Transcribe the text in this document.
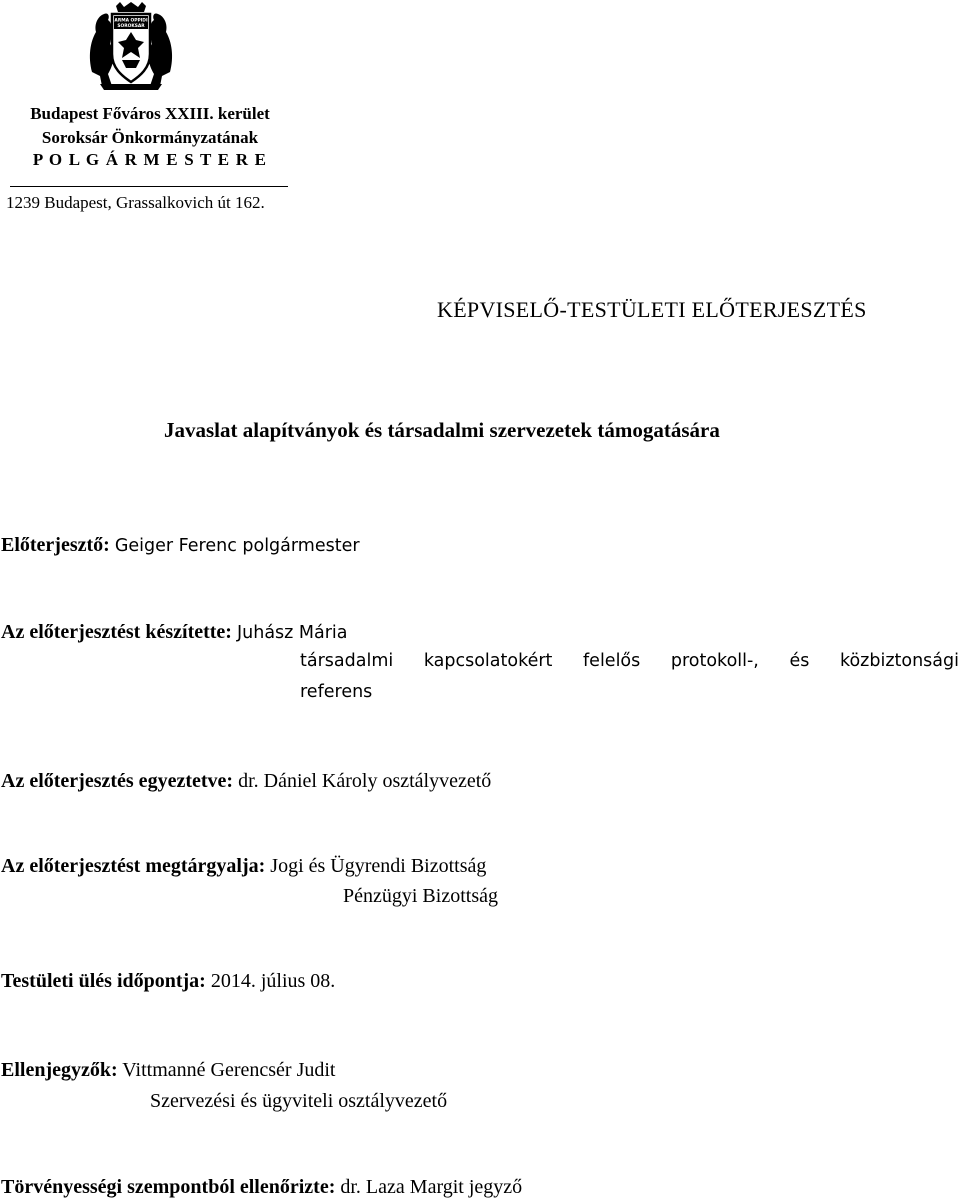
ARMA OPPIDI
SOROKSAR
Budapest Főváros XXIII. kerület
Soroksár Önkormányzatának
P O L G Á R M E S T E R E
1239 Budapest, Grassalkovich út 162.
KÉPVISELŐ-TESTÜLETI ELŐTERJESZTÉS
Javaslat alapítványok és társadalmi szervezetek támogatására
Előterjesztő: Geiger Ferenc polgármester
Az előterjesztést készítette: Juhász Mária
társadalmi kapcsolatokért felelős protokoll-, és közbiztonsági
referens
Az előterjesztés egyeztetve: dr. Dániel Károly osztályvezető
Az előterjesztést megtárgyalja: Jogi és Ügyrendi Bizottság
Pénzügyi Bizottság
Testületi ülés időpontja: 2014. július 08.
Ellenjegyzők: Vittmanné Gerencsér Judit
Szervezési és ügyviteli osztályvezető
Törvényességi szempontból ellenőrizte: dr. Laza Margit jegyző
